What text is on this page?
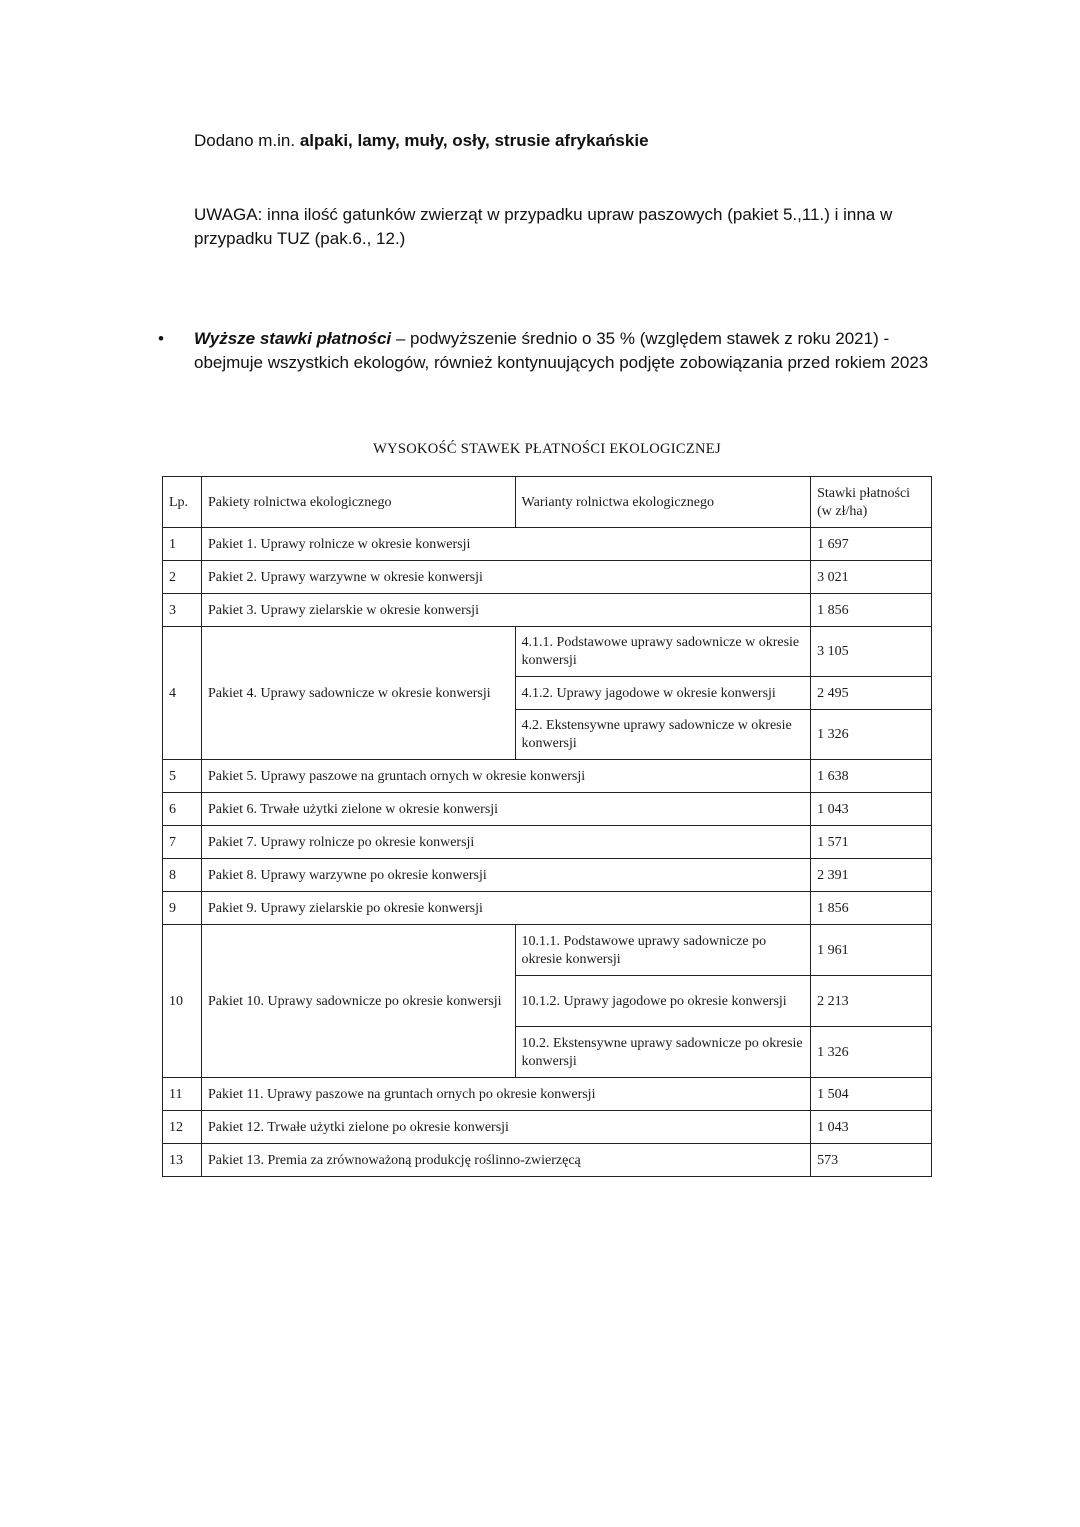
Dodano m.in. alpaki, lamy, muły, osły, strusie afrykańskie
UWAGA: inna ilość gatunków zwierząt w przypadku upraw paszowych (pakiet 5.,11.) i inna w przypadku TUZ (pak.6., 12.)
• Wyższe stawki płatności – podwyższenie średnio o 35 % (względem stawek z roku 2021) - obejmuje wszystkich ekologów, również kontynuujących podjęte zobowiązania przed rokiem 2023
WYSOKOŚĆ STAWEK PŁATNOŚCI EKOLOGICZNEJ
Lp.	Pakiety rolnictwa ekologicznego	Warianty rolnictwa ekologicznego	Stawki płatności (w zł/ha)
1	Pakiet 1. Uprawy rolnicze w okresie konwersji		1 697
2	Pakiet 2. Uprawy warzywne w okresie konwersji		3 021
3	Pakiet 3. Uprawy zielarskie w okresie konwersji		1 856
4	Pakiet 4. Uprawy sadownicze w okresie konwersji	4.1.1. Podstawowe uprawy sadownicze w okresie konwersji	3 105
		4.1.2. Uprawy jagodowe w okresie konwersji	2 495
		4.2. Ekstensywne uprawy sadownicze w okresie konwersji	1 326
5	Pakiet 5. Uprawy paszowe na gruntach ornych w okresie konwersji		1 638
6	Pakiet 6. Trwałe użytki zielone w okresie konwersji		1 043
7	Pakiet 7. Uprawy rolnicze po okresie konwersji		1 571
8	Pakiet 8. Uprawy warzywne po okresie konwersji		2 391
9	Pakiet 9. Uprawy zielarskie po okresie konwersji		1 856
10	Pakiet 10. Uprawy sadownicze po okresie konwersji	10.1.1. Podstawowe uprawy sadownicze po okresie konwersji	1 961
		10.1.2. Uprawy jagodowe po okresie konwersji	2 213
		10.2. Ekstensywne uprawy sadownicze po okresie konwersji	1 326
11	Pakiet 11. Uprawy paszowe na gruntach ornych po okresie konwersji		1 504
12	Pakiet 12. Trwałe użytki zielone po okresie konwersji		1 043
13	Pakiet 13. Premia za zrównoważoną produkcję roślinno-zwierzęcą		573
